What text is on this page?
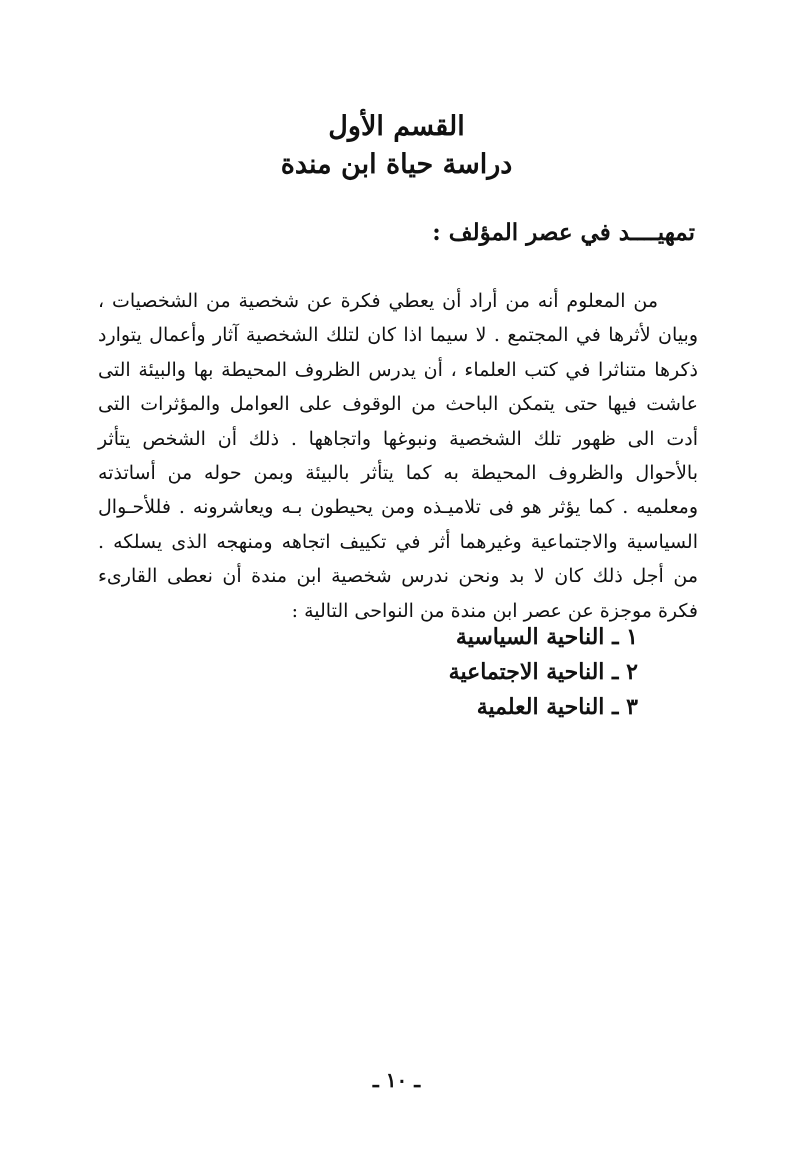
القسم الأول

دراسة حياة ابن مندة

تمهيــــد في عصر المؤلف :

من المعلوم أنه من أراد أن يعطي فكرة عن شخصية من الشخصيات ، وبيان لأثرها في المجتمع . لا سيما اذا كان لتلك الشخصية آثار وأعمال يتوارد ذكرها متناثرا في كتب العلماء ، أن يدرس الظروف المحيطة بها والبيئة التى عاشت فيها حتى يتمكن الباحث من الوقوف على العوامل والمؤثرات التى أدت الى ظهور تلك الشخصية ونبوغها واتجاهها . ذلك أن الشخص يتأثر بالأحوال والظروف المحيطة به كما يتأثر بالبيئة وبمن حوله من أساتذته ومعلميه . كما يؤثر هو فى تلاميـذه ومن يحيطون بـه ويعاشرونه . فللأحـوال السياسية والاجتماعية وغيرهما أثر في تكييف اتجاهه ومنهجه الذى يسلكه . من أجل ذلك كان لا بد ونحن ندرس شخصية ابن مندة أن نعطى القارىء فكرة موجزة عن عصر ابن مندة من النواحى التالية :

١ ـ الناحية السياسية
٢ ـ الناحية الاجتماعية
٣ ـ الناحية العلمية
ـ ١٠ ـ
